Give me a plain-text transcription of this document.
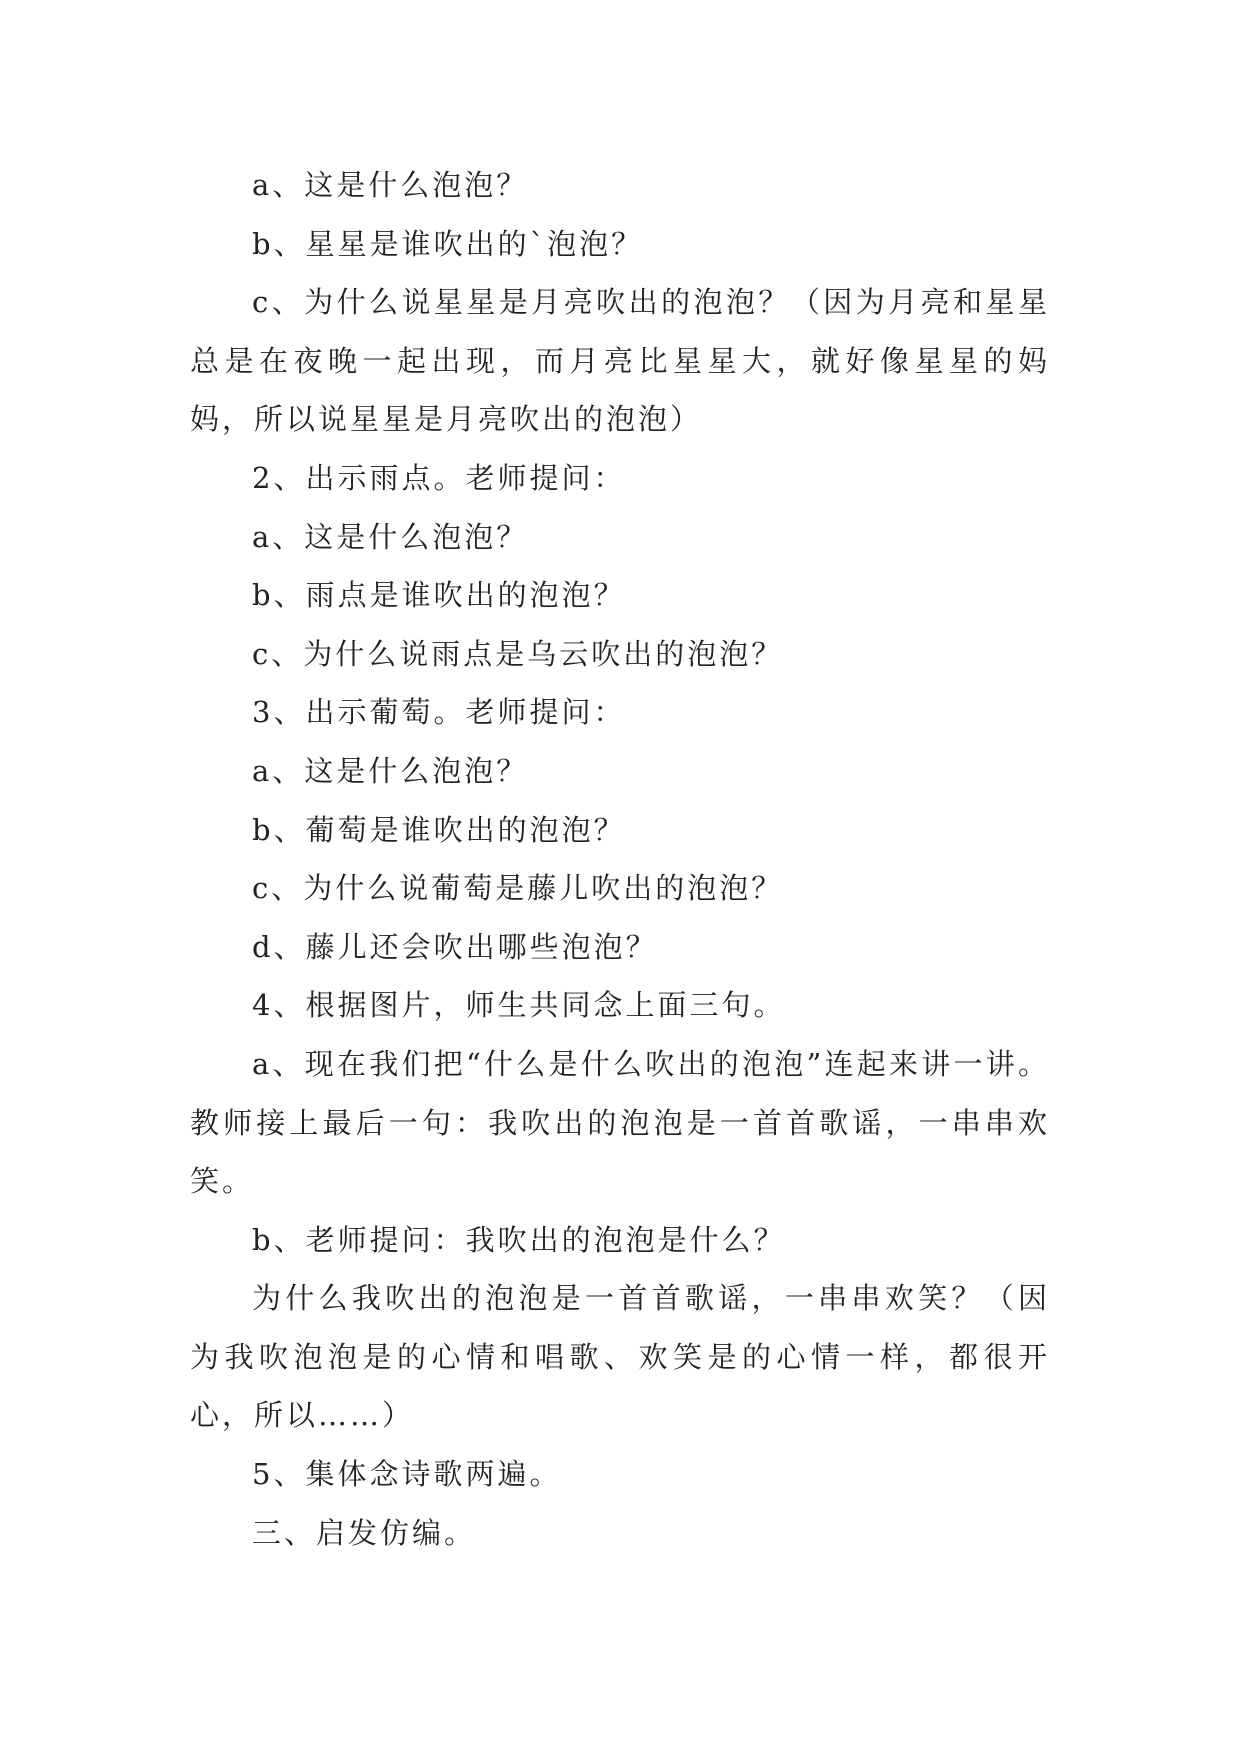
a、这是什么泡泡？

b、星星是谁吹出的`泡泡？

c、为什么说星星是月亮吹出的泡泡？（因为月亮和星星总是在夜晚一起出现，而月亮比星星大，就好像星星的妈妈，所以说星星是月亮吹出的泡泡）

2、出示雨点。老师提问：

a、这是什么泡泡？

b、雨点是谁吹出的泡泡？

c、为什么说雨点是乌云吹出的泡泡？

3、出示葡萄。老师提问：

a、这是什么泡泡？

b、葡萄是谁吹出的泡泡？

c、为什么说葡萄是藤儿吹出的泡泡？

d、藤儿还会吹出哪些泡泡？

4、根据图片，师生共同念上面三句。

a、现在我们把“什么是什么吹出的泡泡”连起来讲一讲。教师接上最后一句：我吹出的泡泡是一首首歌谣，一串串欢笑。

b、老师提问：我吹出的泡泡是什么？

为什么我吹出的泡泡是一首首歌谣，一串串欢笑？（因为我吹泡泡是的心情和唱歌、欢笑是的心情一样，都很开心，所以……）

5、集体念诗歌两遍。

三、启发仿编。
